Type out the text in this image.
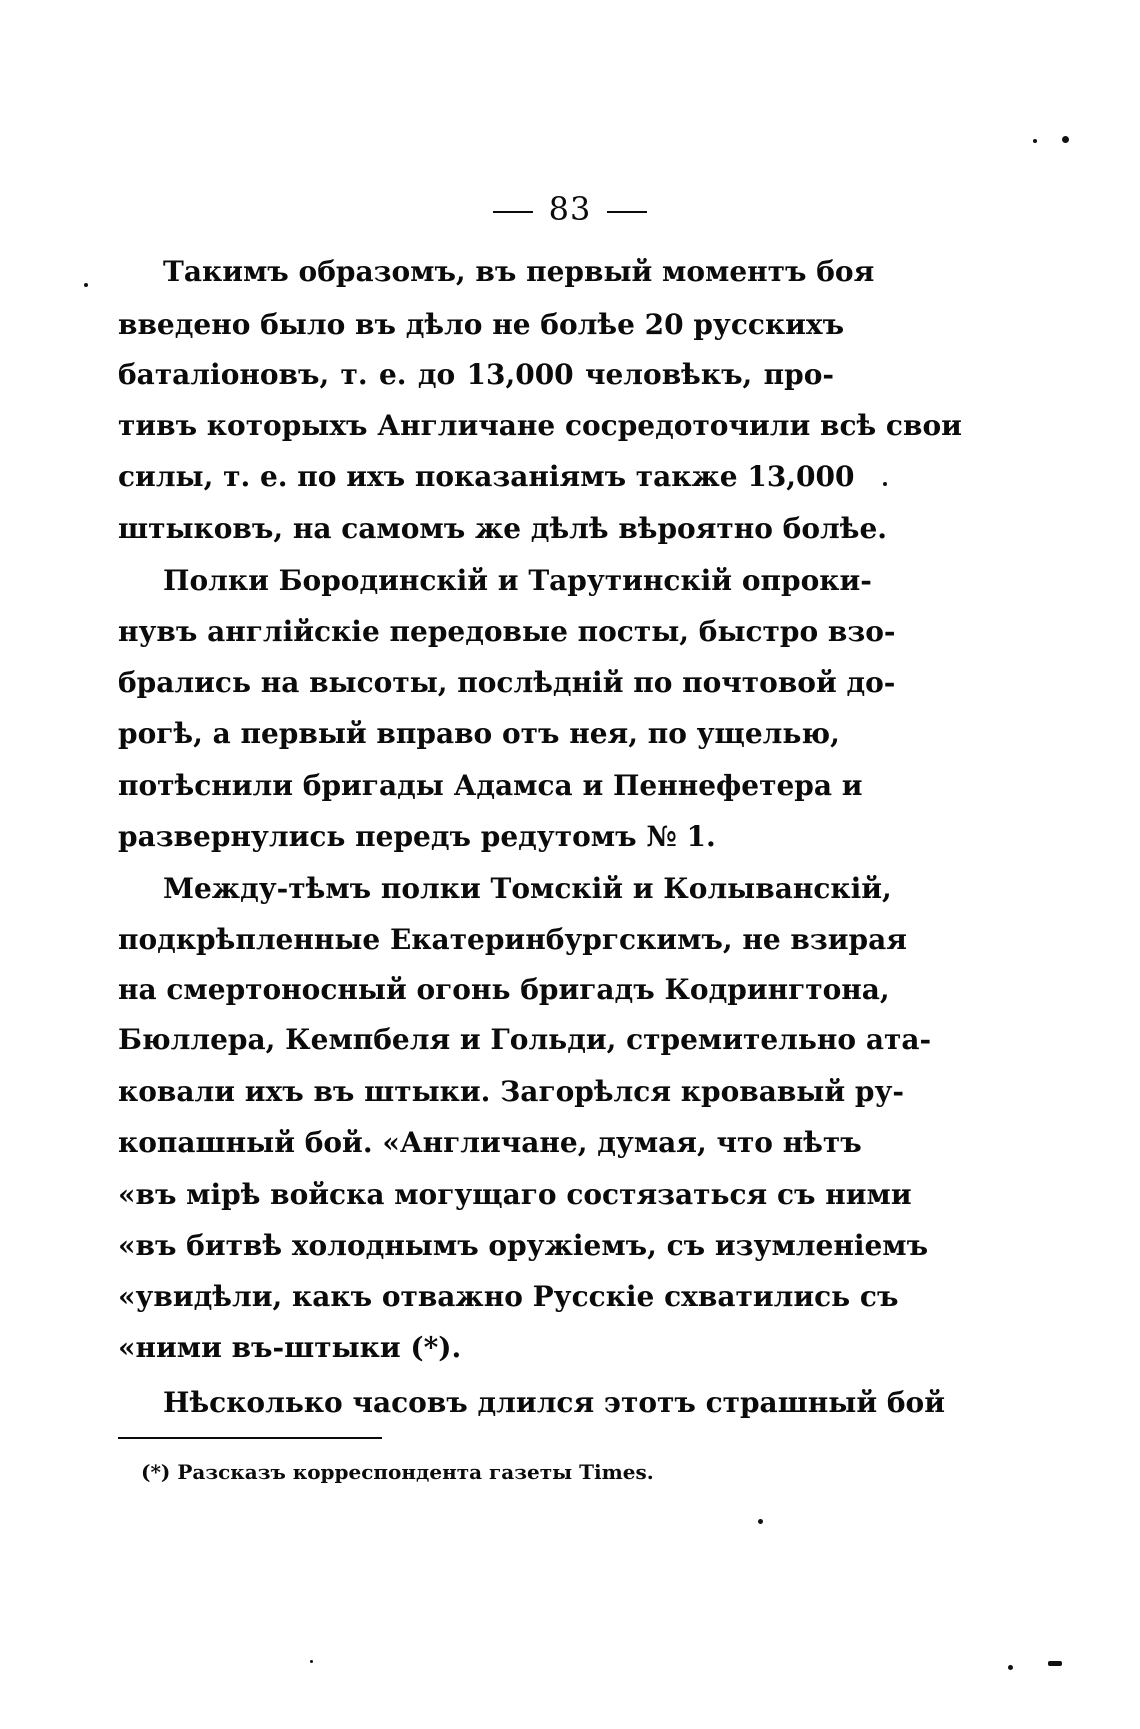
83
Такимъ образомъ, въ первый моментъ боя
введено было въ дѣло не болѣе 20 русскихъ
баталіоновъ, т. е. до 13,000 человѣкъ, про-
тивъ которыхъ Англичане сосредоточили всѣ свои
силы, т. е. по ихъ показаніямъ также 13,000
штыковъ, на самомъ же дѣлѣ вѣроятно болѣе.
Полки Бородинскій и Тарутинскій опроки-
нувъ англійскіе передовые посты, быстро взо-
брались на высоты, послѣдній по почтовой до-
рогѣ, а первый вправо отъ нея, по ущелью,
потѣснили бригады Адамса и Пеннефетера и
развернулись передъ редутомъ № 1.
Между-тѣмъ полки Томскій и Колыванскій,
подкрѣпленные Екатеринбургскимъ, не взирая
на смертоносный огонь бригадъ Кодрингтона,
Бюллера, Кемпбеля и Гольди, стремительно ата-
ковали ихъ въ штыки. Загорѣлся кровавый ру-
копашный бой. «Англичане, думая, что нѣтъ
«въ мірѣ войска могущаго состязаться съ ними
«въ битвѣ холоднымъ оружіемъ, съ изумленіемъ
«увидѣли, какъ отважно Русскіе схватились съ
«ними въ-штыки (*).
Нѣсколько часовъ длился этотъ страшный бой
(*) Разсказъ корреспондента газеты Times.
